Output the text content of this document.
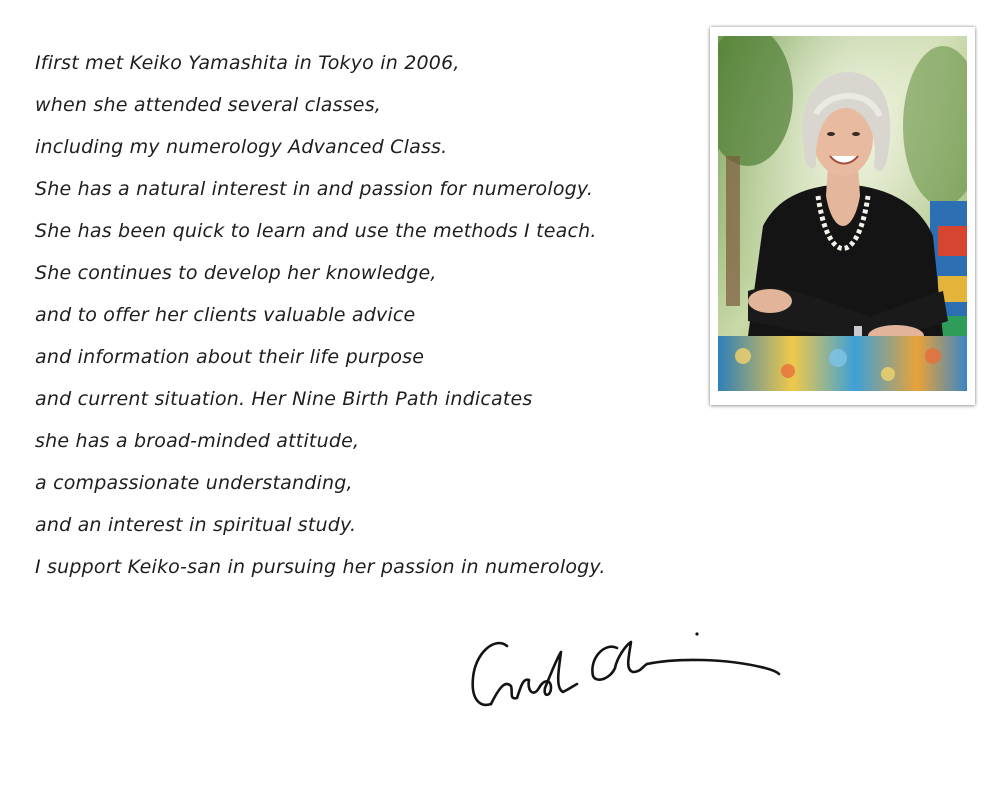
Ifirst met Keiko Yamashita in Tokyo in 2006,
when she attended several classes,
including my numerology Advanced Class.
She has a natural interest in and passion for numerology.
She has been quick to learn and use the methods I teach.
She continues to develop her knowledge,
and to offer her clients valuable advice
and information about their life purpose
and current situation. Her Nine Birth Path indicates
she has a broad-minded attitude,
a compassionate understanding,
and an interest in spiritual study.
I support Keiko-san in pursuing her passion in numerology.
